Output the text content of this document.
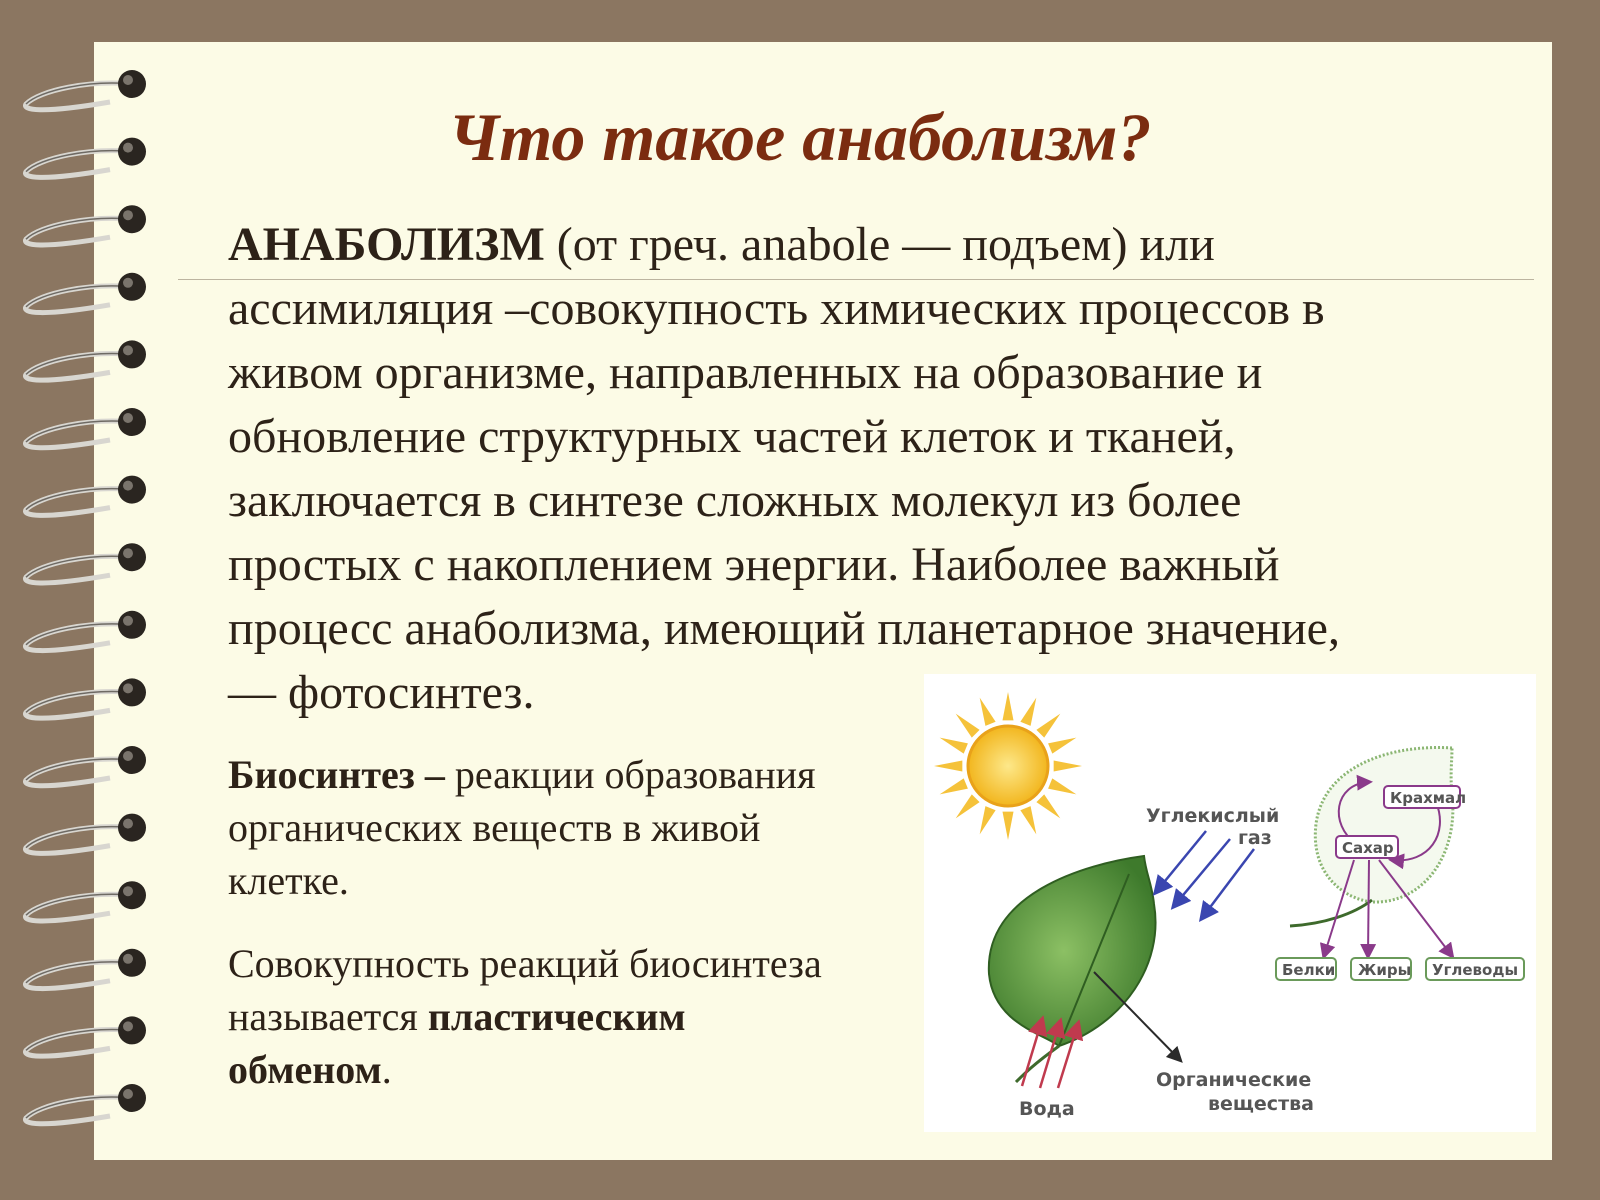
Что такое анаболизм?
АНАБОЛИЗМ (от греч. anabole — подъем) или
ассимиляция –совокупность химических процессов в
живом организме, направленных на образование и
обновление структурных частей клеток и тканей,
заключается в синтезе сложных молекул из более
простых с накоплением энергии. Наиболее важный
процесс анаболизма, имеющий планетарное значение,
— фотосинтез.
Биосинтез – реакции образования
органических веществ в живой
клетке.
Совокупность реакций биосинтеза
называется пластическим
обменом.
Углекислый
газ
Вода
Органические
вещества
Крахмал
Сахар
Белки Жиры Углеводы
